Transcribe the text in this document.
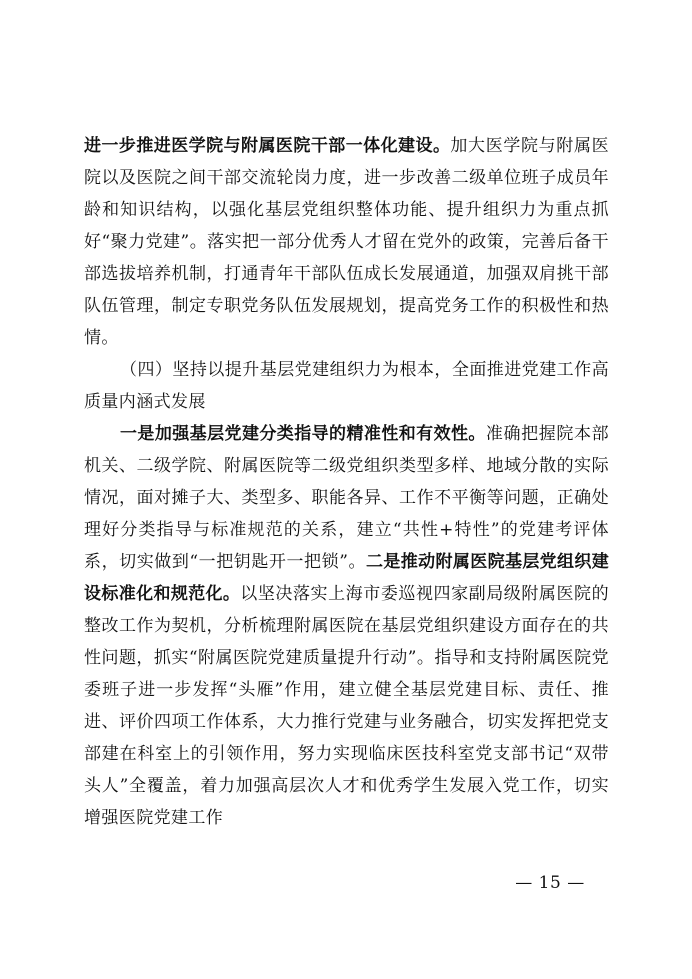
进一步推进医学院与附属医院干部一体化建设。加大医学院与附属医院以及医院之间干部交流轮岗力度，进一步改善二级单位班子成员年龄和知识结构，以强化基层党组织整体功能、提升组织力为重点抓好“聚力党建”。落实把一部分优秀人才留在党外的政策，完善后备干部选拔培养机制，打通青年干部队伍成长发展通道，加强双肩挑干部队伍管理，制定专职党务队伍发展规划，提高党务工作的积极性和热情。

（四）坚持以提升基层党建组织力为根本，全面推进党建工作高质量内涵式发展

一是加强基层党建分类指导的精准性和有效性。准确把握院本部机关、二级学院、附属医院等二级党组织类型多样、地域分散的实际情况，面对摊子大、类型多、职能各异、工作不平衡等问题，正确处理好分类指导与标准规范的关系，建立“共性+特性”的党建考评体系，切实做到“一把钥匙开一把锁”。二是推动附属医院基层党组织建设标准化和规范化。以坚决落实上海市委巡视四家副局级附属医院的整改工作为契机，分析梳理附属医院在基层党组织建设方面存在的共性问题，抓实“附属医院党建质量提升行动”。指导和支持附属医院党委班子进一步发挥“头雁”作用，建立健全基层党建目标、责任、推进、评价四项工作体系，大力推行党建与业务融合，切实发挥把党支部建在科室上的引领作用，努力实现临床医技科室党支部书记“双带头人”全覆盖，着力加强高层次人才和优秀学生发展入党工作，切实增强医院党建工作

— 15 —
